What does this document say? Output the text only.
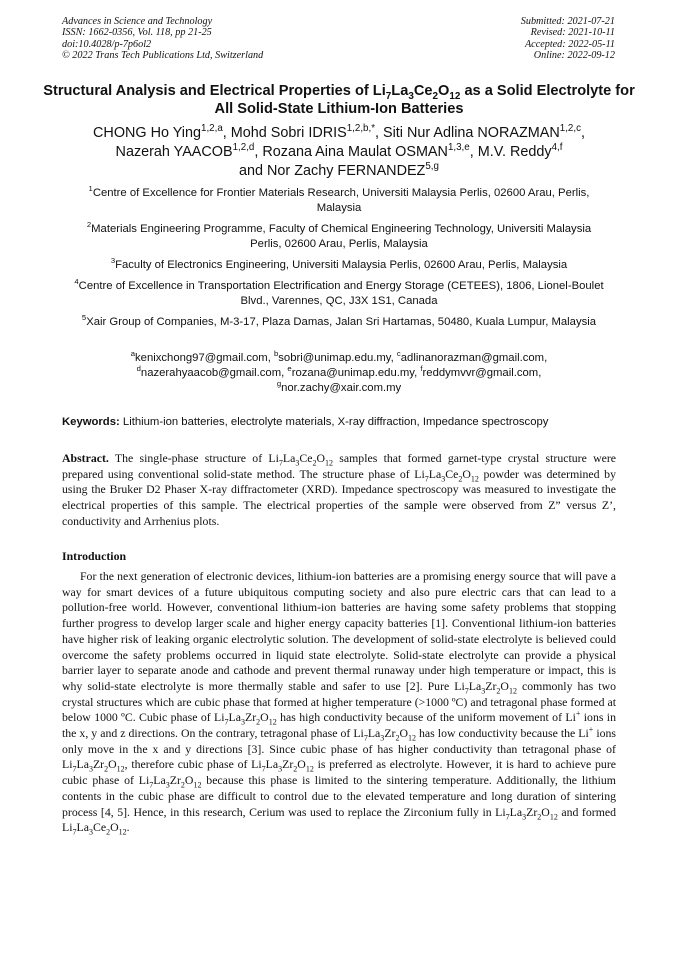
Advances in Science and Technology
ISSN: 1662-0356, Vol. 118, pp 21-25
doi:10.4028/p-7p6ol2
© 2022 Trans Tech Publications Ltd, Switzerland
Submitted: 2021-07-21
Revised: 2021-10-11
Accepted: 2022-05-11
Online: 2022-09-12
Structural Analysis and Electrical Properties of $Li_7La_3Ce_2O_{12}$ as a Solid Electrolyte for All Solid-State Lithium-Ion Batteries
CHONG Ho Ying$^{1,2,a}$, Mohd Sobri $IDRIS^{1,2,b,*}$, Siti Nur Adlina NORAZMAN$^{1,2,c}$,
Nazerah YAACOB$^{1,2,d}$, Rozana Aina Maulat OSMAN$^{1,3,e}$, M.V. Reddy$^{4,f}$
and Nor Zachy FERNANDEZ$^{5,g}$
$^1$Centre of Excellence for Frontier Materials Research, Universiti Malaysia Perlis, 02600 Arau, Perlis, Malaysia
$^2$Materials Engineering Programme, Faculty of Chemical Engineering Technology, Universiti Malaysia Perlis, 02600 Arau, Perlis, Malaysia
$^3$Faculty of Electronics Engineering, Universiti Malaysia Perlis, 02600 Arau, Perlis, Malaysia
$^4$Centre of Excellence in Transportation Electrification and Energy Storage (CETEES), 1806, Lionel-Boulet Blvd., Varennes, QC, J3X 1S1, Canada
$^5$Xair Group of Companies, M-3-17, Plaza Damas, Jalan Sri Hartamas, 50480, Kuala Lumpur, Malaysia
$^a$kenixchong97@gmail.com, $^b$sobri@unimap.edu.my, $^c$adlinanorazman@gmail.com,
$^d$nazerahyaacob@gmail.com, $^e$rozana@unimap.edu.my, $^f$reddymvvr@gmail.com,
$^g$nor.zachy@xair.com.my
Keywords: Lithium-ion batteries, electrolyte materials, X-ray diffraction, Impedance spectroscopy
Abstract. The single-phase structure of $Li_7La_3Ce_2O_{12}$ samples that formed garnet-type crystal structure were prepared using conventional solid-state method. The structure phase of $Li_7La_3Ce_2O_{12}$ powder was determined by using the Bruker D2 Phaser X-ray diffractometer (XRD). Impedance spectroscopy was measured to investigate the electrical properties of this sample. The electrical properties of the sample were observed from Z” versus Z’, conductivity and Arrhenius plots.
Introduction
For the next generation of electronic devices, lithium-ion batteries are a promising energy source that will pave a way for smart devices of a future ubiquitous computing society and also pure electric cars that can lead to a pollution-free world. However, conventional lithium-ion batteries are having some safety problems that stopping further progress to develop larger scale and higher energy capacity batteries [1]. Conventional lithium-ion batteries have higher risk of leaking organic electrolytic solution. The development of solid-state electrolyte is believed could overcome the safety problems occurred in liquid state electrolyte. Solid-state electrolyte can provide a physical barrier layer to separate anode and cathode and prevent thermal runaway under high temperature or impact, this is why solid-state electrolyte is more thermally stable and safer to use [2]. Pure $Li_7La_3Zr_2O_{12}$ commonly has two crystal structures which are cubic phase that formed at higher temperature (>1000 ºC) and tetragonal phase formed at below 1000 ºC. Cubic phase of $Li_7La_3Zr_2O_{12}$ has high conductivity because of the uniform movement of Li+ ions in the x, y and z directions. On the contrary, tetragonal phase of $Li_7La_3Zr_2O_{12}$ has low conductivity because the Li+ ions only move in the x and y directions [3]. Since cubic phase of has higher conductivity than tetragonal phase of $Li_7La_3Zr_2O_{12}$, therefore cubic phase of $Li_7La_3Zr_2O_{12}$ is preferred as electrolyte. However, it is hard to achieve pure cubic phase of $Li_7La_3Zr_2O_{12}$ because this phase is limited to the sintering temperature. Additionally, the lithium contents in the cubic phase are difficult to control due to the elevated temperature and long duration of sintering process [4, 5]. Hence, in this research, Cerium was used to replace the Zirconium fully in $Li_7La_3Zr_2O_{12}$ and formed $Li_7La_3Ce_2O_{12}$.
